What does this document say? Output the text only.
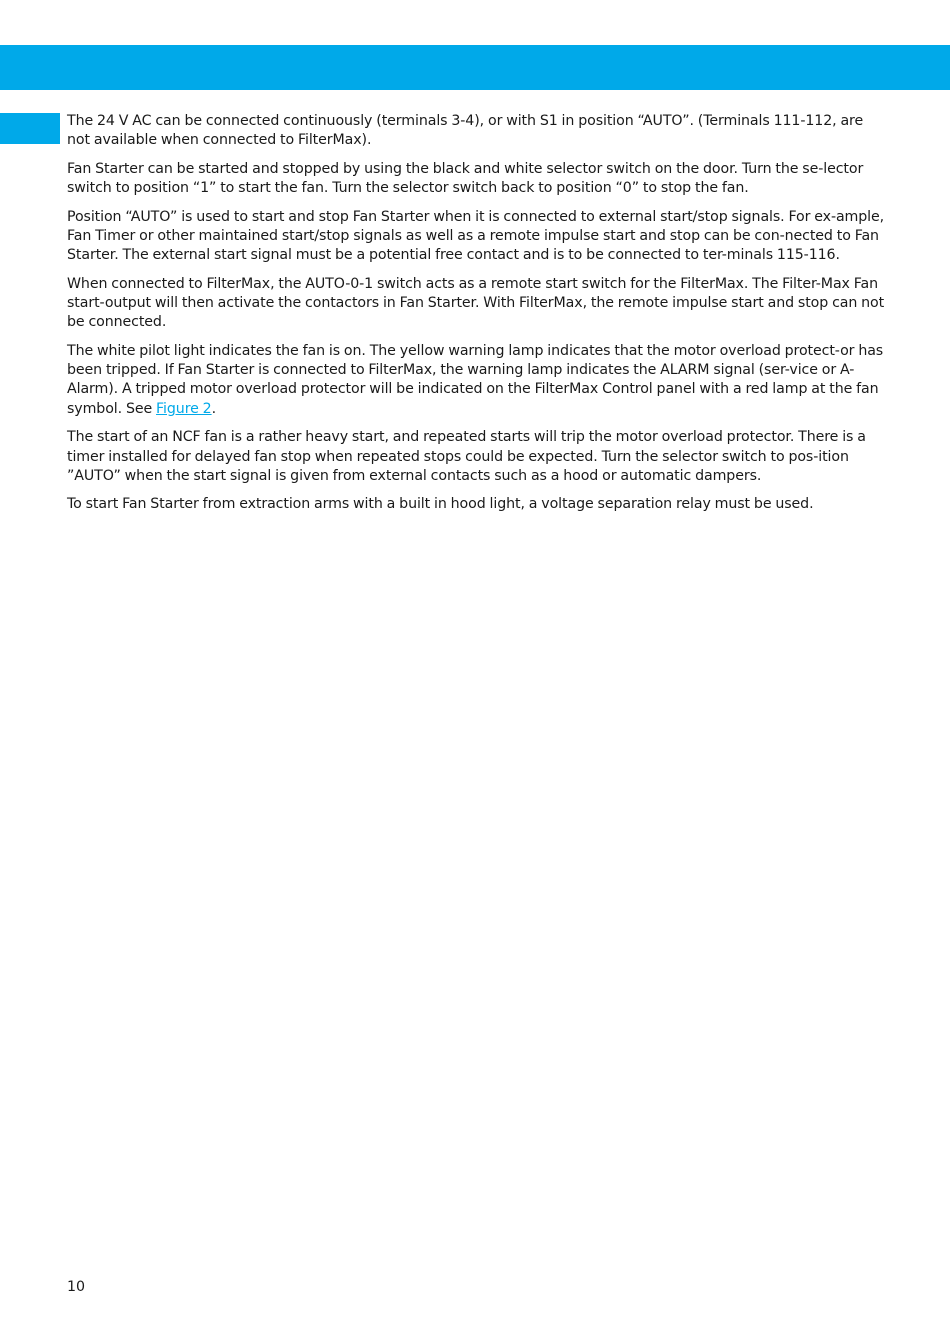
The 24 V AC can be connected continuously (terminals 3-4), or with S1 in position “AUTO”. (Terminals 111-112, are not available when connected to FilterMax).

Fan Starter can be started and stopped by using the black and white selector switch on the door. Turn the se-lector switch to position “1” to start the fan. Turn the selector switch back to position “0” to stop the fan.

Position “AUTO” is used to start and stop Fan Starter when it is connected to external start/stop signals. For ex-ample, Fan Timer or other maintained start/stop signals as well as a remote impulse start and stop can be con-nected to Fan Starter. The external start signal must be a potential free contact and is to be connected to ter-minals 115-116.

When connected to FilterMax, the AUTO-0-1 switch acts as a remote start switch for the FilterMax. The Filter-Max Fan start-output will then activate the contactors in Fan Starter. With FilterMax, the remote impulse start and stop can not be connected.

The white pilot light indicates the fan is on. The yellow warning lamp indicates that the motor overload protect-or has been tripped. If Fan Starter is connected to FilterMax, the warning lamp indicates the ALARM signal (ser-vice or A-Alarm). A tripped motor overload protector will be indicated on the FilterMax Control panel with a red lamp at the fan symbol. See Figure 2.

The start of an NCF fan is a rather heavy start, and repeated starts will trip the motor overload protector. There is a timer installed for delayed fan stop when repeated stops could be expected. Turn the selector switch to pos-ition ”AUTO” when the start signal is given from external contacts such as a hood or automatic dampers.

To start Fan Starter from extraction arms with a built in hood light, a voltage separation relay must be used.

10
